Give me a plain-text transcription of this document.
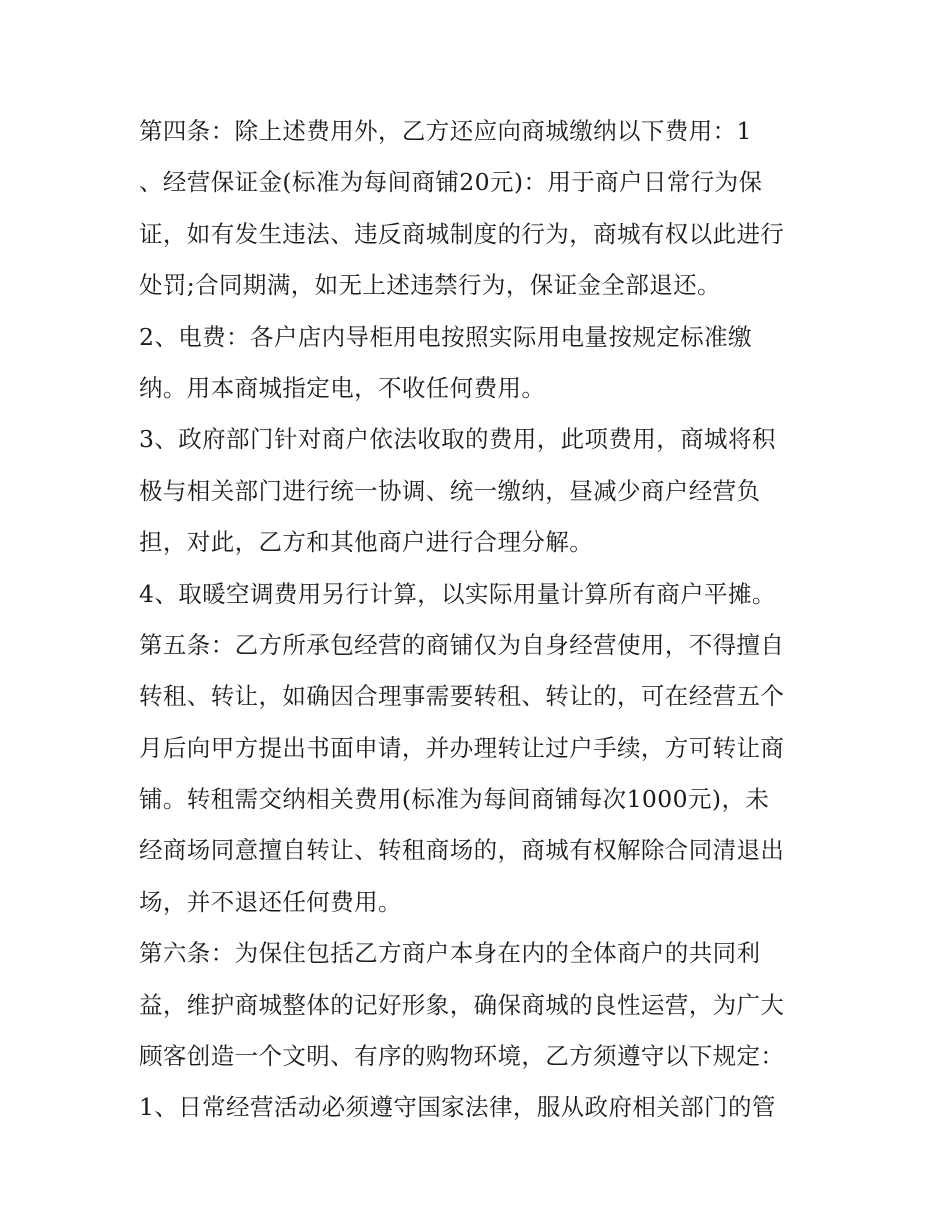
第四条：除上述费用外，乙方还应向商城缴纳以下费用：1
、经营保证金(标准为每间商铺20元)：用于商户日常行为保
证，如有发生违法、违反商城制度的行为，商城有权以此进行
处罚;合同期满，如无上述违禁行为，保证金全部退还。
2、电费：各户店内导柜用电按照实际用电量按规定标准缴
纳。用本商城指定电，不收任何费用。
3、政府部门针对商户依法收取的费用，此项费用，商城将积
极与相关部门进行统一协调、统一缴纳，昼减少商户经营负
担，对此，乙方和其他商户进行合理分解。
4、取暖空调费用另行计算，以实际用量计算所有商户平摊。
第五条：乙方所承包经营的商铺仅为自身经营使用，不得擅自
转租、转让，如确因合理事需要转租、转让的，可在经营五个
月后向甲方提出书面申请，并办理转让过户手续，方可转让商
铺。转租需交纳相关费用(标准为每间商铺每次1000元)，未
经商场同意擅自转让、转租商场的，商城有权解除合同清退出
场，并不退还任何费用。
第六条：为保住包括乙方商户本身在内的全体商户的共同利
益，维护商城整体的记好形象，确保商城的良性运营，为广大
顾客创造一个文明、有序的购物环境，乙方须遵守以下规定：
1、日常经营活动必须遵守国家法律，服从政府相关部门的管
